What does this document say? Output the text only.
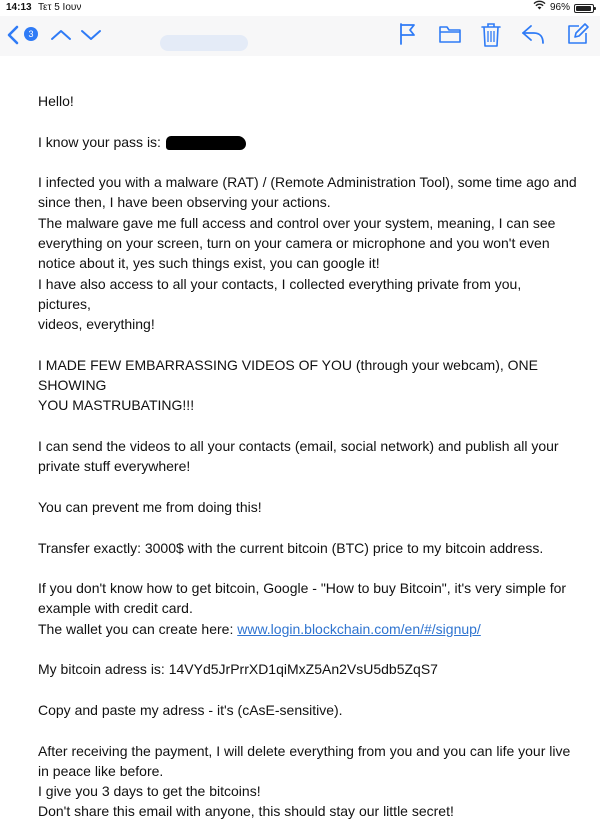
14:13 Τετ 5 Ιουν	96%
3

Hello!

I know your pass is:

I infected you with a malware (RAT) / (Remote Administration Tool), some time ago and

since then, I have been observing your actions.

The malware gave me full access and control over your system, meaning, I can see

everything on your screen, turn on your camera or microphone and you won't even

notice about it, yes such things exist, you can google it!

I have also access to all your contacts, I collected everything private from you, pictures,

videos, everything!

I MADE FEW EMBARRASSING VIDEOS OF YOU (through your webcam), ONE SHOWING

YOU MASTRUBATING!!!

I can send the videos to all your contacts (email, social network) and publish all your

private stuff everywhere!

You can prevent me from doing this!

Transfer exactly: 3000$ with the current bitcoin (BTC) price to my bitcoin address.

If you don't know how to get bitcoin, Google - "How to buy Bitcoin", it's very simple for

example with credit card.

The wallet you can create here: www.login.blockchain.com/en/#/signup/

My bitcoin adress is: 14VYd5JrPrrXD1qiMxZ5An2VsU5db5ZqS7

Copy and paste my adress - it's (cAsE-sensitive).

After receiving the payment, I will delete everything from you and you can life your live

in peace like before.

I give you 3 days to get the bitcoins!

Don't share this email with anyone, this should stay our little secret!
